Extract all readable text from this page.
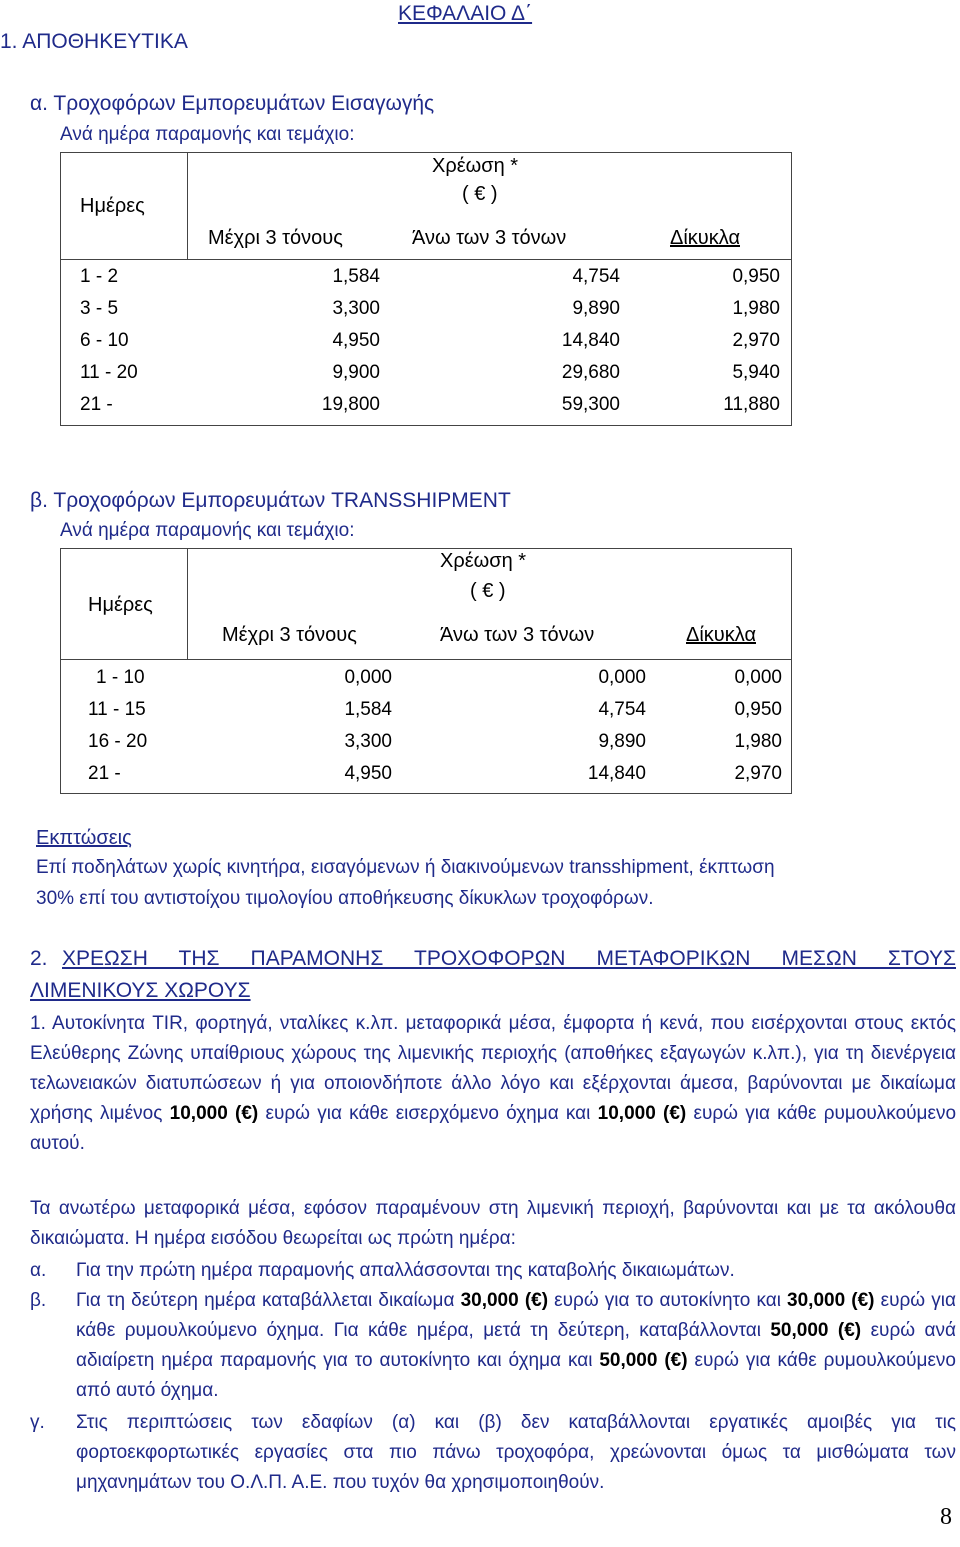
ΚΕΦΑΛΑΙΟ Δ΄
1. ΑΠΟΘΗΚΕΥΤΙΚΑ
α. Τροχοφόρων Εμπορευμάτων Εισαγωγής
Ανά ημέρα παραμονής και τεμάχιο:
Ημέρες
Χρέωση *
( € )
Μέχρι 3 τόνους	Άνω των 3 τόνων	Δίκυκλα
1 - 2	1,584	4,754	0,950
3 - 5	3,300	9,890	1,980
6 - 10	4,950	14,840	2,970
11 - 20	9,900	29,680	5,940
21 -	19,800	59,300	11,880
β. Τροχοφόρων Εμπορευμάτων TRANSSHIPMENT
Ανά ημέρα παραμονής και τεμάχιο:
Ημέρες
Χρέωση *
( € )
Μέχρι 3 τόνους	Άνω των 3 τόνων	Δίκυκλα
1 - 10	0,000	0,000	0,000
11 - 15	1,584	4,754	0,950
16 - 20	3,300	9,890	1,980
21 -	4,950	14,840	2,970
Εκπτώσεις
Επί ποδηλάτων χωρίς κινητήρα, εισαγόμενων ή διακινούμενων transshipment, έκπτωση
30% επί του αντιστοίχου τιμολογίου αποθήκευσης δίκυκλων τροχοφόρων.
2. ΧΡΕΩΣΗ ΤΗΣ ΠΑΡΑΜΟΝΗΣ ΤΡΟΧΟΦΟΡΩΝ ΜΕΤΑΦΟΡΙΚΩΝ ΜΕΣΩΝ ΣΤΟΥΣ
ΛΙΜΕΝΙΚΟΥΣ ΧΩΡΟΥΣ
1. Αυτοκίνητα TIR, φορτηγά, νταλίκες κ.λπ. μεταφορικά μέσα, έμφορτα ή κενά, που εισέρχονται στους εκτός Ελεύθερης Ζώνης υπαίθριους χώρους της λιμενικής περιοχής (αποθήκες εξαγωγών κ.λπ.), για τη διενέργεια τελωνειακών διατυπώσεων ή για οποιονδήποτε άλλο λόγο και εξέρχονται άμεσα, βαρύνονται με δικαίωμα χρήσης λιμένος 10,000 (€) ευρώ για κάθε εισερχόμενο όχημα και 10,000 (€) ευρώ για κάθε ρυμουλκούμενο αυτού.
Τα ανωτέρω μεταφορικά μέσα, εφόσον παραμένουν στη λιμενική περιοχή, βαρύνονται και με τα ακόλουθα δικαιώματα. Η ημέρα εισόδου θεωρείται ως πρώτη ημέρα:
α. Για την πρώτη ημέρα παραμονής απαλλάσσονται της καταβολής δικαιωμάτων.
β. Για τη δεύτερη ημέρα καταβάλλεται δικαίωμα 30,000 (€) ευρώ για το αυτοκίνητο και 30,000 (€) ευρώ για κάθε ρυμουλκούμενο όχημα. Για κάθε ημέρα, μετά τη δεύτερη, καταβάλλονται 50,000 (€) ευρώ ανά αδιαίρετη ημέρα παραμονής για το αυτοκίνητο και όχημα και 50,000 (€) ευρώ για κάθε ρυμουλκούμενο από αυτό όχημα.
γ. Στις περιπτώσεις των εδαφίων (α) και (β) δεν καταβάλλονται εργατικές αμοιβές για τις φορτοεκφορτωτικές εργασίες στα πιο πάνω τροχοφόρα, χρεώνονται όμως τα μισθώματα των μηχανημάτων του Ο.Λ.Π. Α.Ε. που τυχόν θα χρησιμοποιηθούν.
8
